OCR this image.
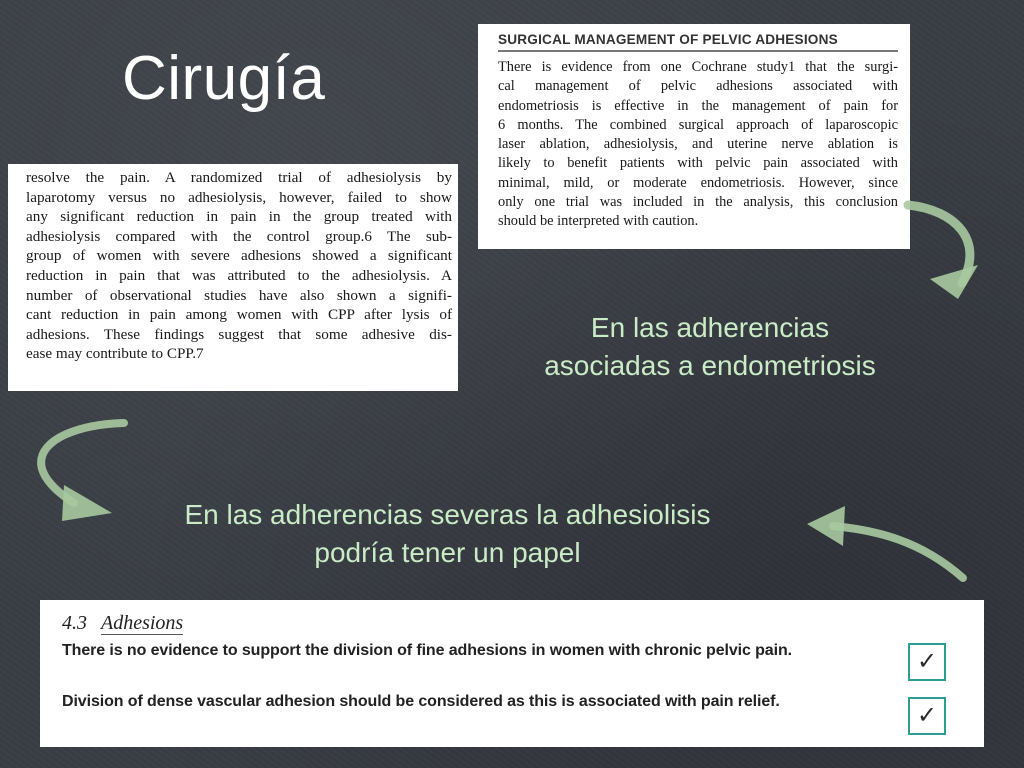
Cirugía
resolve the pain. A randomized trial of adhesiolysis by
laparotomy versus no adhesiolysis, however, failed to show
any significant reduction in pain in the group treated with
adhesiolysis compared with the control group.6 The sub-
group of women with severe adhesions showed a significant
reduction in pain that was attributed to the adhesiolysis. A
number of observational studies have also shown a signifi-
cant reduction in pain among women with CPP after lysis of
adhesions. These findings suggest that some adhesive dis-
ease may contribute to CPP.7
SURGICAL MANAGEMENT OF PELVIC ADHESIONS
There is evidence from one Cochrane study1 that the surgi-
cal management of pelvic adhesions associated with
endometriosis is effective in the management of pain for
6 months. The combined surgical approach of laparoscopic
laser ablation, adhesiolysis, and uterine nerve ablation is
likely to benefit patients with pelvic pain associated with
minimal, mild, or moderate endometriosis. However, since
only one trial was included in the analysis, this conclusion
should be interpreted with caution.
En las adherencias
asociadas a endometriosis
En las adherencias severas la adhesiolisis
podría tener un papel
4.3 Adhesions
There is no evidence to support the division of fine adhesions in women with chronic pelvic pain.
Division of dense vascular adhesion should be considered as this is associated with pain relief.
✓
✓
